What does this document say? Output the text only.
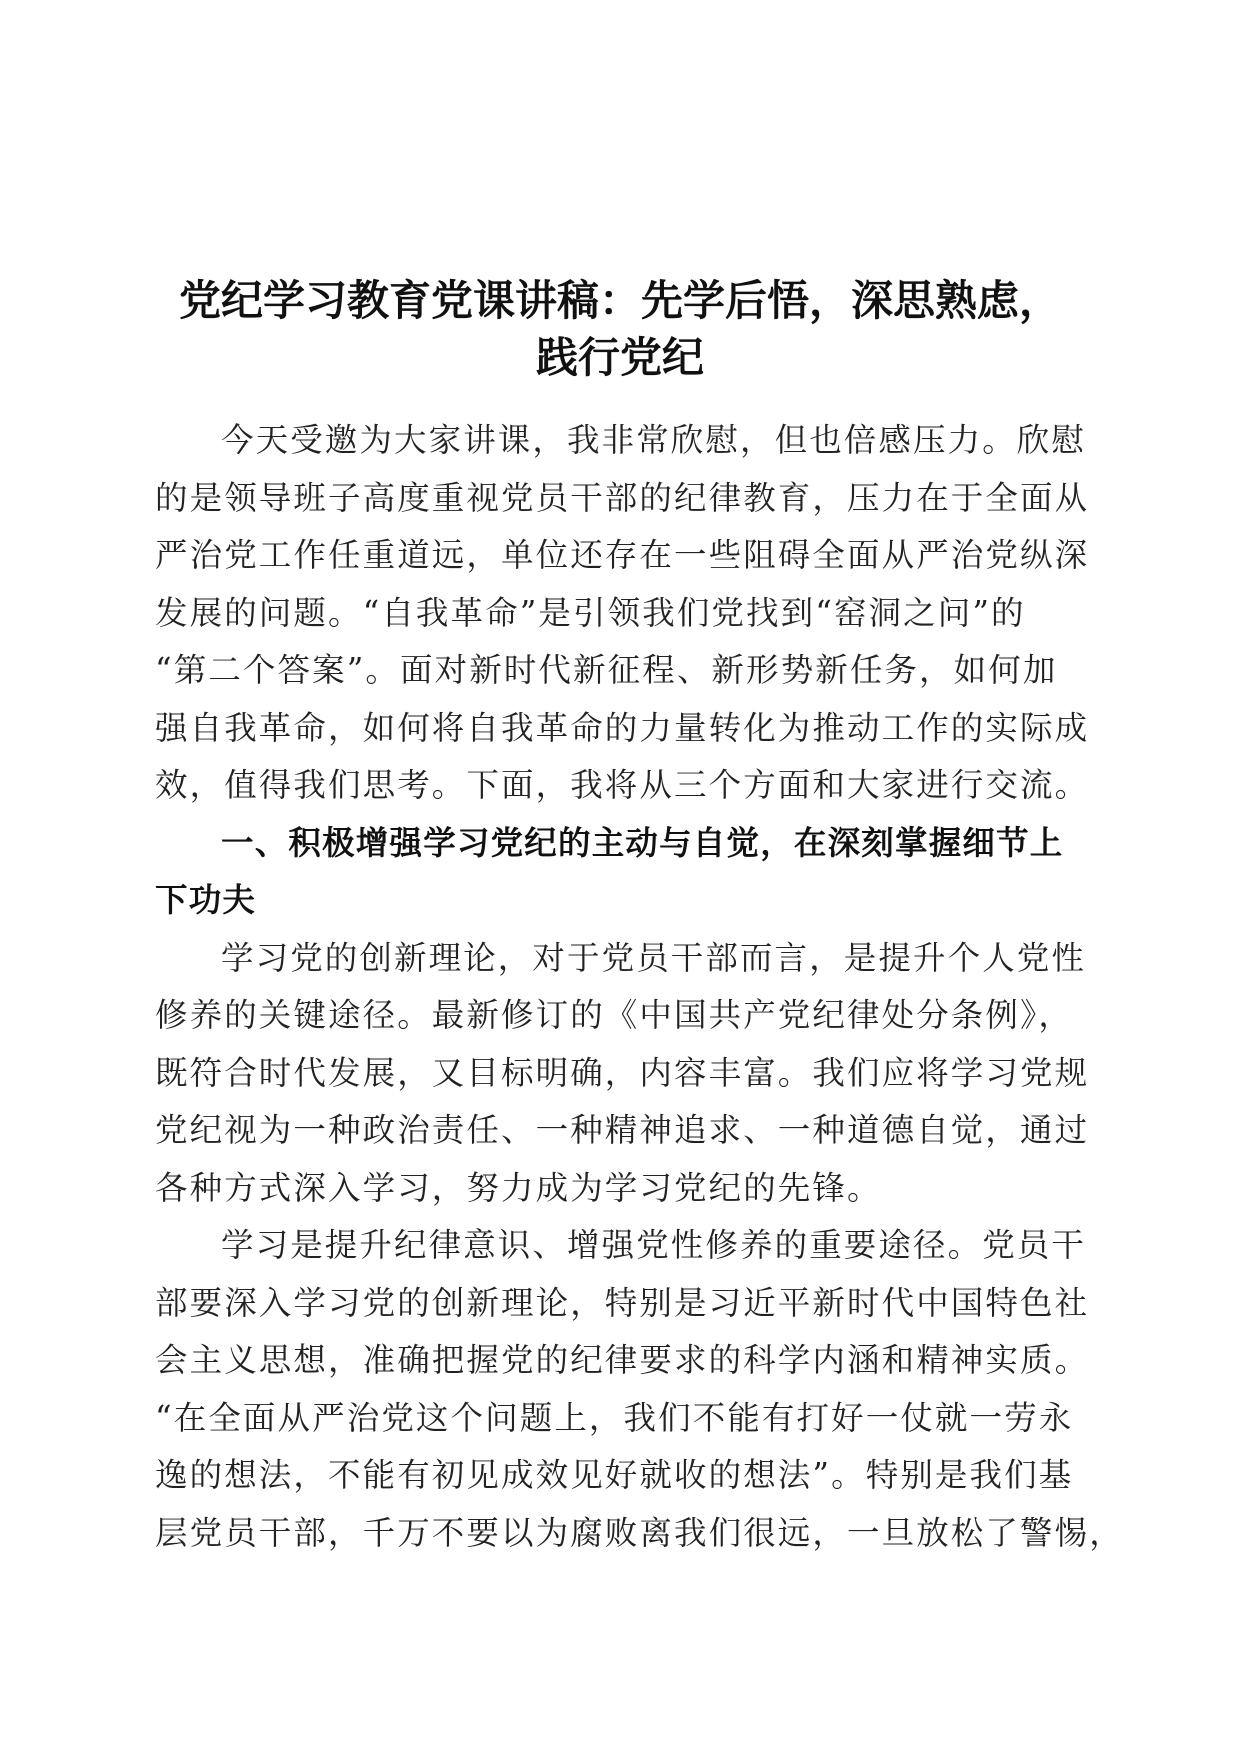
党纪学习教育党课讲稿：先学后悟，深思熟虑，
践行党纪
今天受邀为大家讲课，我非常欣慰，但也倍感压力。欣慰
的是领导班子高度重视党员干部的纪律教育，压力在于全面从
严治党工作任重道远，单位还存在一些阻碍全面从严治党纵深
发展的问题。“自我革命”是引领我们党找到“窑洞之问”的
“第二个答案”。面对新时代新征程、新形势新任务，如何加
强自我革命，如何将自我革命的力量转化为推动工作的实际成
效，值得我们思考。下面，我将从三个方面和大家进行交流。
一、积极增强学习党纪的主动与自觉，在深刻掌握细节上
下功夫
学习党的创新理论，对于党员干部而言，是提升个人党性
修养的关键途径。最新修订的《中国共产党纪律处分条例》，
既符合时代发展，又目标明确，内容丰富。我们应将学习党规
党纪视为一种政治责任、一种精神追求、一种道德自觉，通过
各种方式深入学习，努力成为学习党纪的先锋。
学习是提升纪律意识、增强党性修养的重要途径。党员干
部要深入学习党的创新理论，特别是习近平新时代中国特色社
会主义思想，准确把握党的纪律要求的科学内涵和精神实质。
“在全面从严治党这个问题上，我们不能有打好一仗就一劳永
逸的想法，不能有初见成效见好就收的想法”。特别是我们基
层党员干部，千万不要以为腐败离我们很远，一旦放松了警惕，
